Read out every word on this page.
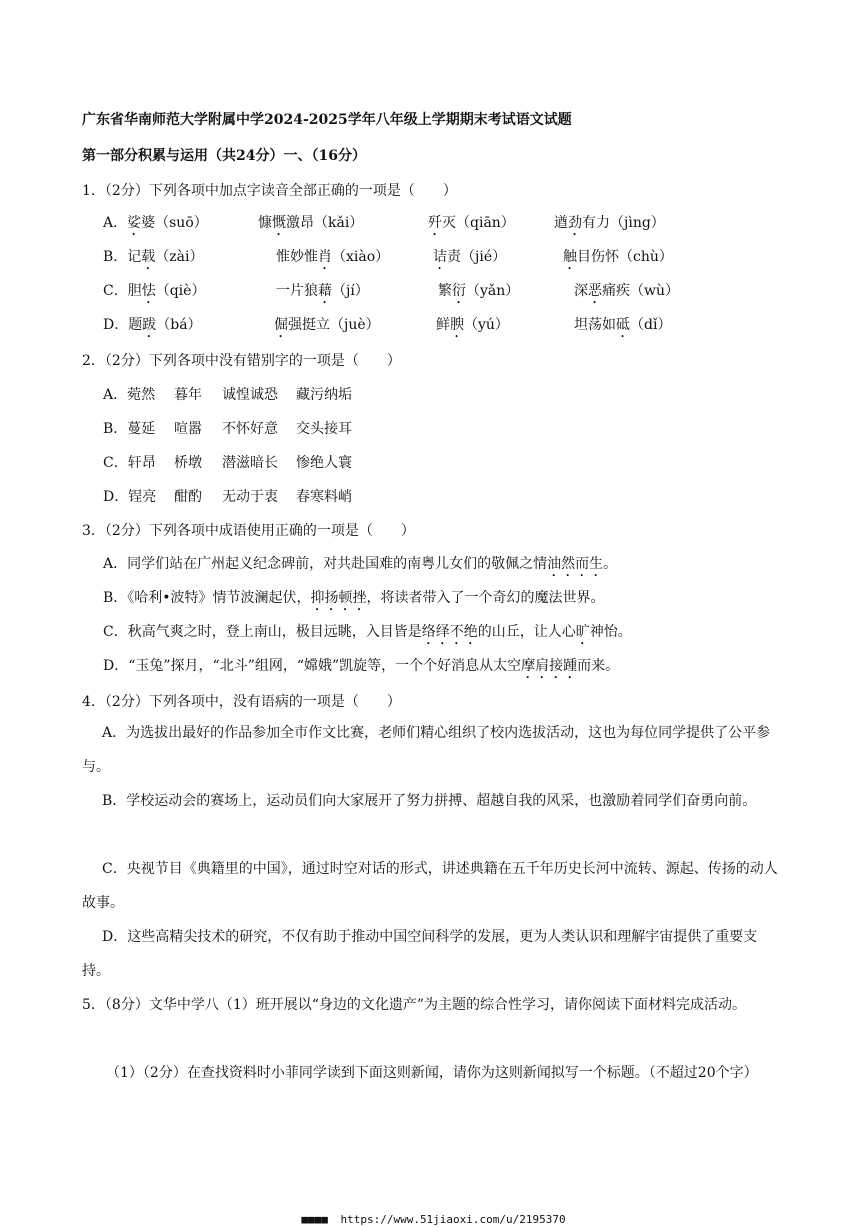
广东省华南师范大学附属中学2024-2025学年八年级上学期期末考试语文试题
第一部分积累与运用（共24分）一、（16分）
1．（2分）下列各项中加点字读音全部正确的一项是（　　）
A．娑婆（suō）	慷慨激昂（kǎi）	歼灭（qiān）	遒劲有力（jìng）
B．记载（zài）	惟妙惟肖（xiào）	诘责（jié）	触目伤怀（chù）
C．胆怯（qiè）	一片狼藉（jí）	繁衍（yǎn）	深恶痛疾（wù）
D．题跋（bá）	倔强挺立（juè）	鲜腴（yú）	坦荡如砥（dǐ）
2．（2分）下列各项中没有错别字的一项是（　　）
A．菀然 暮年 诚惶诚恐 藏污纳垢
B．蔓延 喧嚣 不怀好意 交头接耳
C．轩昂 桥墩 潜滋暗长 惨绝人寰
D．锃亮 酣酌 无动于衷 春寒料峭
3．（2分）下列各项中成语使用正确的一项是（　　）
A．同学们站在广州起义纪念碑前，对共赴国难的南粤儿女们的敬佩之情油然而生。
B．《哈利•波特》情节波澜起伏，抑扬顿挫，将读者带入了一个奇幻的魔法世界。
C．秋高气爽之时，登上南山，极目远眺，入目皆是络绎不绝的山丘，让人心旷神怡。
D．“玉兔”探月，“北斗”组网，“嫦娥”凯旋等，一个个好消息从太空摩肩接踵而来。
4．（2分）下列各项中，没有语病的一项是（　　）
A．为选拔出最好的作品参加全市作文比赛，老师们精心组织了校内选拔活动，这也为每位同学提供了公平参与。
B．学校运动会的赛场上，运动员们向大家展开了努力拼搏、超越自我的风采，也激励着同学们奋勇向前。
C．央视节目《典籍里的中国》，通过时空对话的形式，讲述典籍在五千年历史长河中流转、源起、传扬的动人故事。
D．这些高精尖技术的研究，不仅有助于推动中国空间科学的发展，更为人类认识和理解宇宙提供了重要支持。
5．（8分）文华中学八（1）班开展以“身边的文化遗产”为主题的综合性学习，请你阅读下面材料完成活动。
（1）（2分）在查找资料时小菲同学读到下面这则新闻，请你为这则新闻拟写一个标题。（不超过20个字）
■■■■ https://www.51jiaoxi.com/u/2195370
